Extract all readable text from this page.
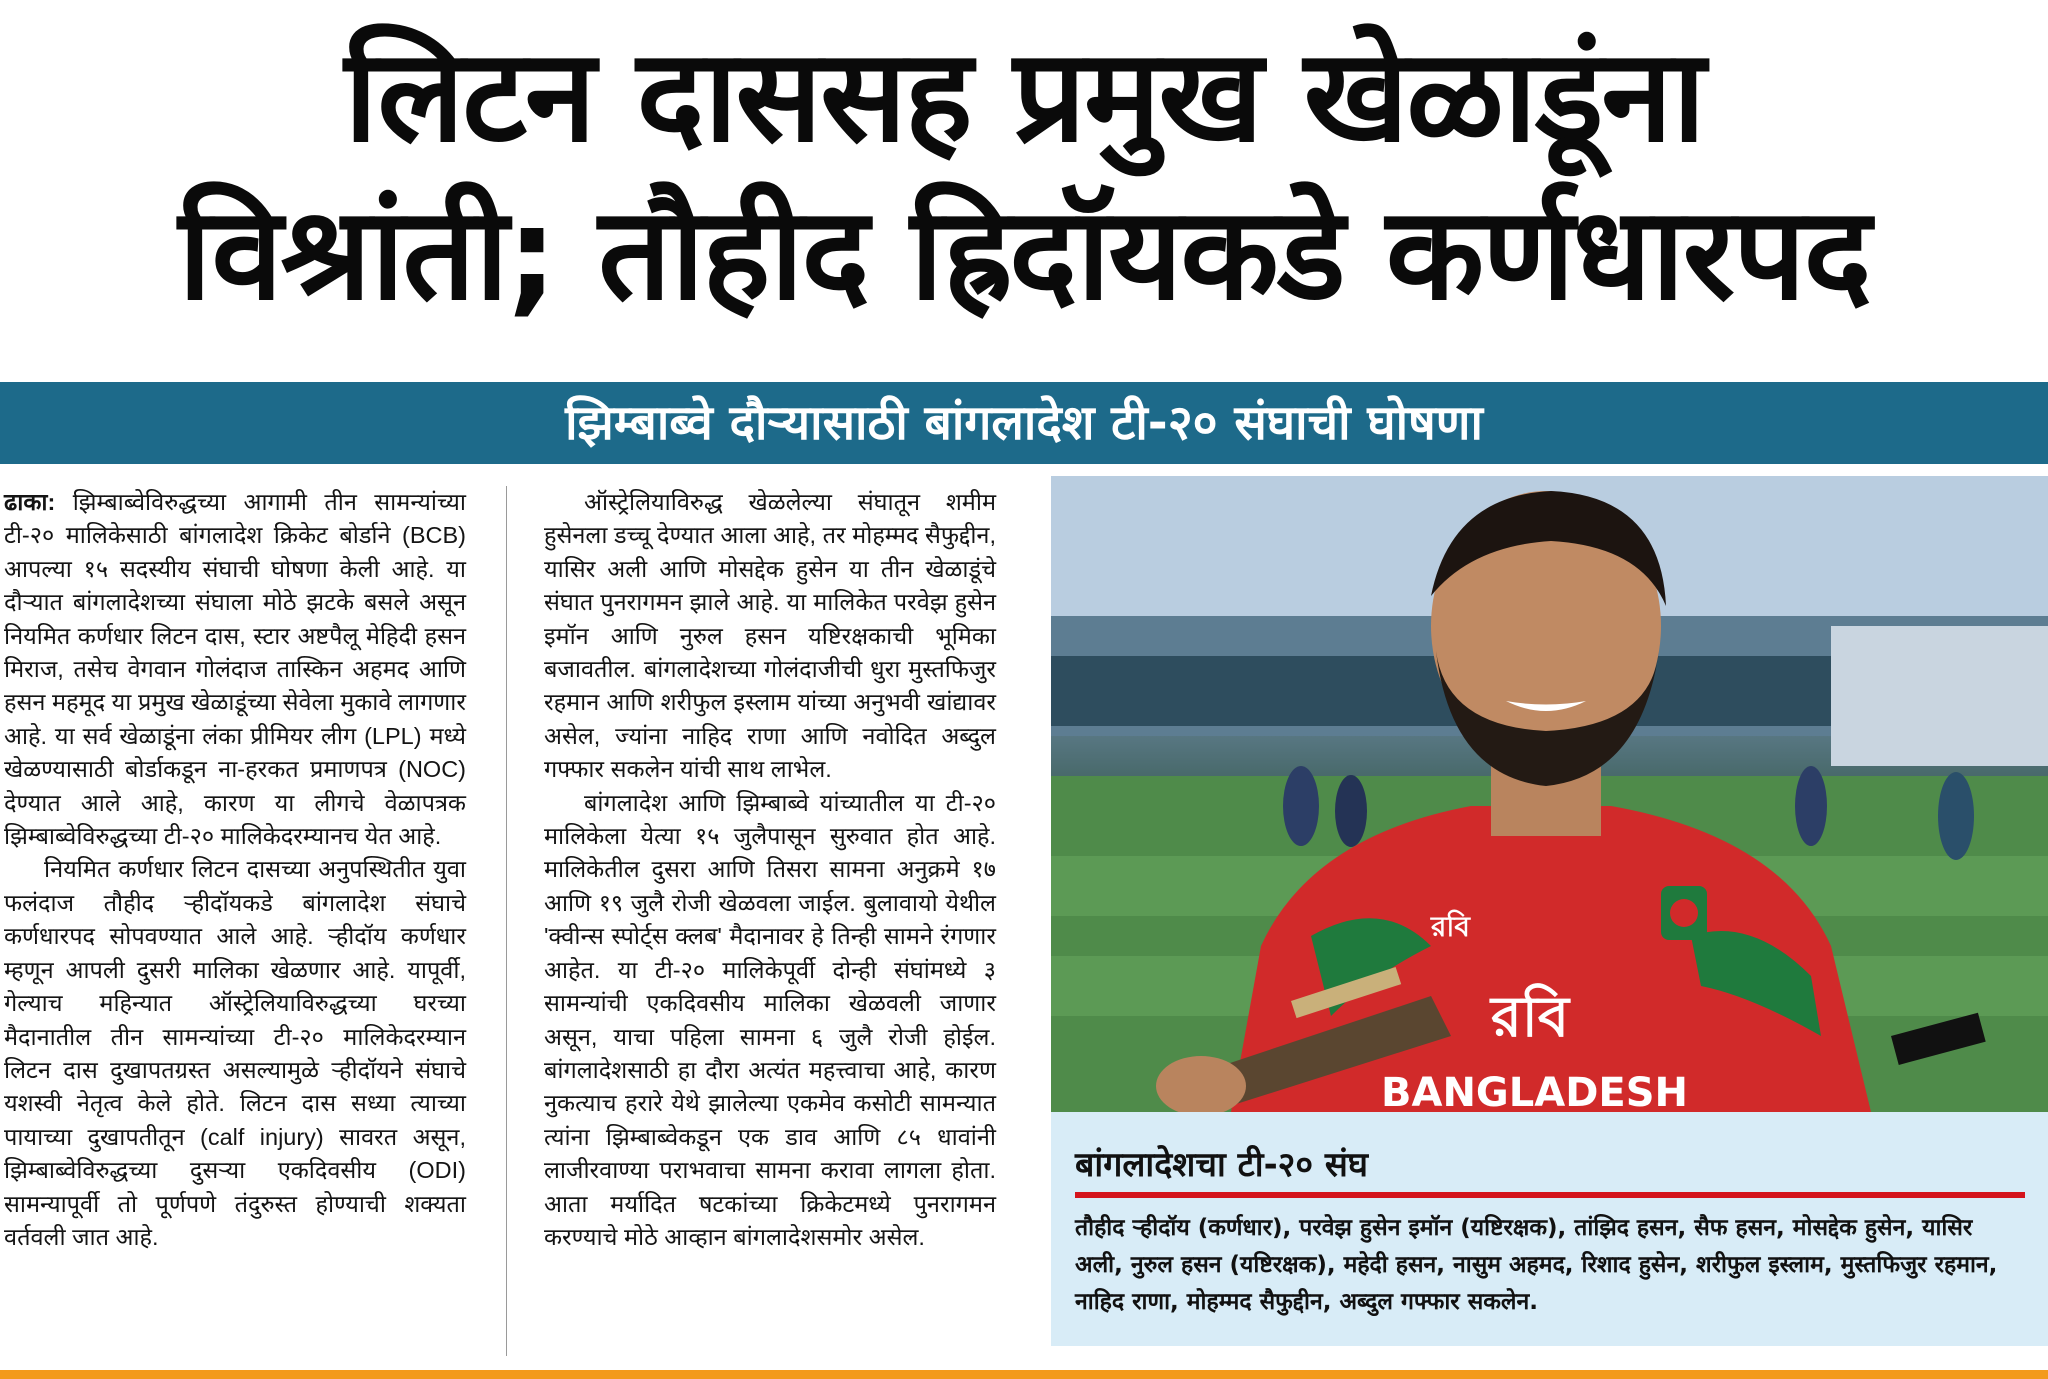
लिटन दाससह प्रमुख खेळाडूंना
विश्रांती; तौहीद ह्रिदॉयकडे कर्णधारपद
झिम्बाब्वे दौऱ्यासाठी बांगलादेश टी-२० संघाची घोषणा

ढाका: झिम्बाब्वेविरुद्धच्या आगामी तीन सामन्यांच्या टी-२० मालिकेसाठी बांगलादेश क्रिकेट बोर्डाने (BCB) आपल्या १५ सदस्यीय संघाची घोषणा केली आहे. या दौऱ्यात बांगलादेशच्या संघाला मोठे झटके बसले असून नियमित कर्णधार लिटन दास, स्टार अष्टपैलू मेहिदी हसन मिराज, तसेच वेगवान गोलंदाज तास्किन अहमद आणि हसन महमूद या प्रमुख खेळाडूंच्या सेवेला मुकावे लागणार आहे. या सर्व खेळाडूंना लंका प्रीमियर लीग (LPL) मध्ये खेळण्यासाठी बोर्डाकडून ना-हरकत प्रमाणपत्र (NOC) देण्यात आले आहे, कारण या लीगचे वेळापत्रक झिम्बाब्वेविरुद्धच्या टी-२० मालिकेदरम्यानच येत आहे.

नियमित कर्णधार लिटन दासच्या अनुपस्थितीत युवा फलंदाज तौहीद ऱ्हीदॉयकडे बांगलादेश संघाचे कर्णधारपद सोपवण्यात आले आहे. ऱ्हीदॉय कर्णधार म्हणून आपली दुसरी मालिका खेळणार आहे. यापूर्वी, गेल्याच महिन्यात ऑस्ट्रेलियाविरुद्धच्या घरच्या मैदानातील तीन सामन्यांच्या टी-२० मालिकेदरम्यान लिटन दास दुखापतग्रस्त असल्यामुळे ऱ्हीदॉयने संघाचे यशस्वी नेतृत्व केले होते. लिटन दास सध्या त्याच्या पायाच्या दुखापतीतून (calf injury) सावरत असून, झिम्बाब्वेविरुद्धच्या दुसऱ्या एकदिवसीय (ODI) सामन्यापूर्वी तो पूर्णपणे तंदुरुस्त होण्याची शक्यता वर्तवली जात आहे.

ऑस्ट्रेलियाविरुद्ध खेळलेल्या संघातून शमीम हुसेनला डच्चू देण्यात आला आहे, तर मोहम्मद सैफुद्दीन, यासिर अली आणि मोसद्देक हुसेन या तीन खेळाडूंचे संघात पुनरागमन झाले आहे. या मालिकेत परवेझ हुसेन इमॉन आणि नुरुल हसन यष्टिरक्षकाची भूमिका बजावतील. बांगलादेशच्या गोलंदाजीची धुरा मुस्तफिजुर रहमान आणि शरीफुल इस्लाम यांच्या अनुभवी खांद्यावर असेल, ज्यांना नाहिद राणा आणि नवोदित अब्दुल गफ्फार सकलेन यांची साथ लाभेल.

बांगलादेश आणि झिम्बाब्वे यांच्यातील या टी-२० मालिकेला येत्या १५ जुलैपासून सुरुवात होत आहे. मालिकेतील दुसरा आणि तिसरा सामना अनुक्रमे १७ आणि १९ जुलै रोजी खेळवला जाईल. बुलावायो येथील 'क्वीन्स स्पोर्ट्स क्लब' मैदानावर हे तिन्ही सामने रंगणार आहेत. या टी-२० मालिकेपूर्वी दोन्ही संघांमध्ये ३ सामन्यांची एकदिवसीय मालिका खेळवली जाणार असून, याचा पहिला सामना ६ जुलै रोजी होईल. बांगलादेशसाठी हा दौरा अत्यंत महत्त्वाचा आहे, कारण नुकत्याच हरारे येथे झालेल्या एकमेव कसोटी सामन्यात त्यांना झिम्बाब्वेकडून एक डाव आणि ८५ धावांनी लाजीरवाण्या पराभवाचा सामना करावा लागला होता. आता मर्यादित षटकांच्या क्रिकेटमध्ये पुनरागमन करण्याचे मोठे आव्हान बांगलादेशसमोर असेल.

রবি
রবি
BANGLADESH
बांगलादेशचा टी-२० संघ
तौहीद ऱ्हीदॉय (कर्णधार), परवेझ हुसेन इमॉन (यष्टिरक्षक), तांझिद हसन, सैफ हसन, मोसद्देक हुसेन, यासिर अली, नुरुल हसन (यष्टिरक्षक), महेदी हसन, नासुम अहमद, रिशाद हुसेन, शरीफुल इस्लाम, मुस्तफिजुर रहमान, नाहिद राणा, मोहम्मद सैफुद्दीन, अब्दुल गफ्फार सकलेन.
